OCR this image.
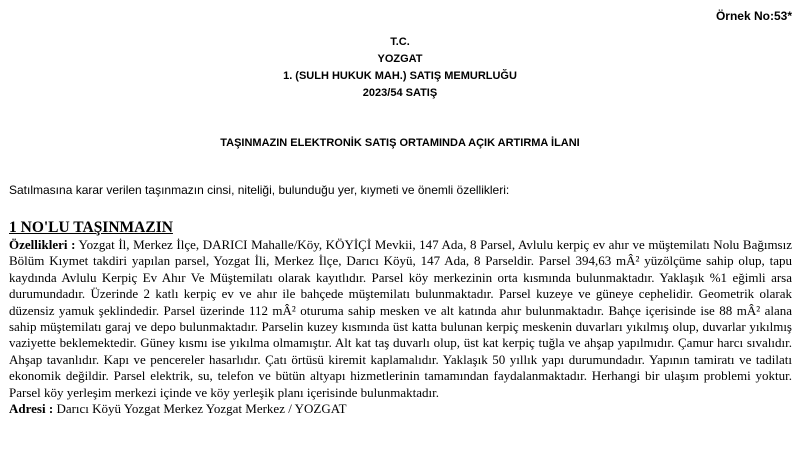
Örnek No:53*
T.C.
YOZGAT
1. (SULH HUKUK MAH.) SATIŞ MEMURLUĞU
2023/54 SATIŞ
TAŞINMAZIN ELEKTRONİK SATIŞ ORTAMINDA AÇIK ARTIRMA İLANI
Satılmasına karar verilen taşınmazın cinsi, niteliği, bulunduğu yer, kıymeti ve önemli özellikleri:
1 NO'LU TAŞINMAZIN

Özellikleri : Yozgat İl, Merkez İlçe, DARICI Mahalle/Köy, KÖYİÇİ Mevkii, 147 Ada, 8 Parsel, Avlulu kerpiç ev ahır ve müştemilatı Nolu Bağımsız Bölüm Kıymet takdiri yapılan parsel, Yozgat İli, Merkez İlçe, Darıcı Köyü, 147 Ada, 8 Parseldir. Parsel 394,63 mÂ² yüzölçüme sahip olup, tapu kaydında Avlulu Kerpiç Ev Ahır Ve Müştemilatı olarak kayıtlıdır. Parsel köy merkezinin orta kısmında bulunmaktadır. Yaklaşık %1 eğimli arsa durumundadır. Üzerinde 2 katlı kerpiç ev ve ahır ile bahçede müştemilatı bulunmaktadır. Parsel kuzeye ve güneye cephelidir. Geometrik olarak düzensiz yamuk şeklindedir. Parsel üzerinde 112 mÂ² oturuma sahip mesken ve alt katında ahır bulunmaktadır. Bahçe içerisinde ise 88 mÂ² alana sahip müştemilatı garaj ve depo bulunmaktadır. Parselin kuzey kısmında üst katta bulunan kerpiç meskenin duvarları yıkılmış olup, duvarlar yıkılmış vaziyette beklemektedir. Güney kısmı ise yıkılma olmamıştır. Alt kat taş duvarlı olup, üst kat kerpiç tuğla ve ahşap yapılmıdır. Çamur harcı sıvalıdır. Ahşap tavanlıdır. Kapı ve pencereler hasarlıdır. Çatı örtüsü kiremit kaplamalıdır. Yaklaşık 50 yıllık yapı durumundadır. Yapının tamiratı ve tadilatı ekonomik değildir. Parsel elektrik, su, telefon ve bütün altyapı hizmetlerinin tamamından faydalanmaktadır. Herhangi bir ulaşım problemi yoktur. Parsel köy yerleşim merkezi içinde ve köy yerleşik planı içerisinde bulunmaktadır.

Adresi : Darıcı Köyü Yozgat Merkez Yozgat Merkez / YOZGAT
